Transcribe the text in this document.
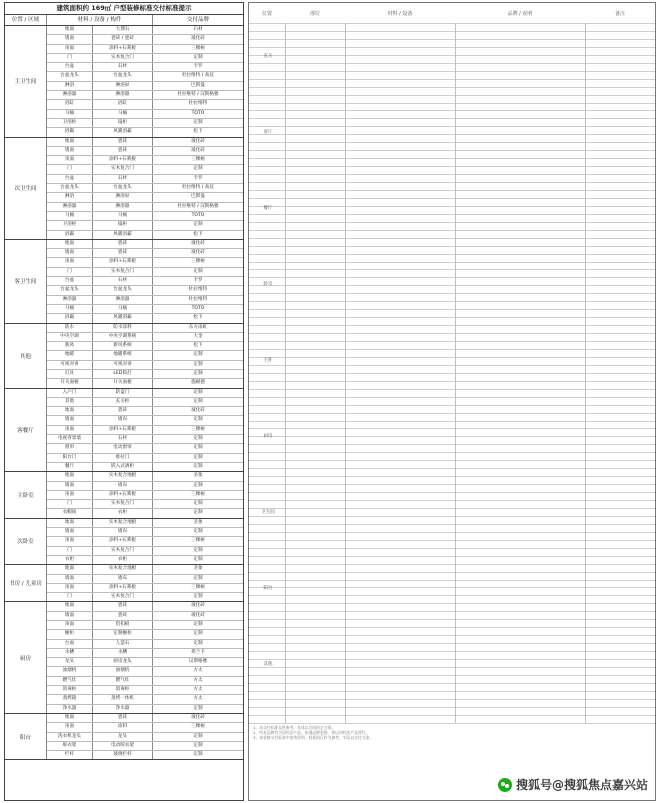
建筑面积约 169㎡ 户型装修标准交付标准提示
位置 / 区域	材料 / 设备 / 构件	交付品牌
主卫生间
地面	大理石	石材
墙面	瓷砖 / 瓷砖	玻化砖
顶面	涂料+石膏板	三棵树
门	实木复合门	定制
台盆	石材	卡罗
台盆龙头	台盆龙头	杜拉维特 / 高仪
淋浴	淋浴屏	巴斯曼
淋浴器	淋浴器	杜拉维特 / 汉斯格雅
浴缸	浴缸	杜拉维特
马桶	马桶	TOTO
卫浴柜	镜柜	定制
浴霸	风暖浴霸	松下
次卫生间
地面	瓷砖	玻化砖
墙面	瓷砖	玻化砖
顶面	涂料+石膏板	三棵树
门	实木复合门	定制
台盆	石材	卡罗
台盆龙头	台盆龙头	杜拉维特 / 高仪
淋浴	淋浴屏	巴斯曼
淋浴器	淋浴器	杜拉维特 / 汉斯格雅
马桶	马桶	TOTO
卫浴柜	镜柜	定制
浴霸	风暖浴霸	松下
客卫生间
地面	瓷砖	玻化砖
墙面	瓷砖	玻化砖
顶面	涂料+石膏板	三棵树
门	实木复合门	定制
台盆	石材	卡罗
台盆龙头	台盆龙头	杜拉维特
淋浴器	淋浴器	杜拉维特
马桶	马桶	TOTO
浴霸	风暖浴霸	松下
其他
防水	防水涂料	东方雨虹
中央空调	中央空调系统	大金
新风	新风系统	松下
地暖	地暖系统	定制
可视对讲	可视对讲	定制
灯具	LED筒灯	定制
开关面板	开关面板	施耐德
客餐厅
入户门	防盗门	定制
其他	玄关柜	定制
地面	瓷砖	玻化砖
墙面	墙布	定制
顶面	涂料+石膏板	三棵树
电视背景墙	石材	定制
窗帘	电动窗帘	定制
阳台门	推拉门	定制
餐厅	嵌入式酒柜	定制
主卧室
地面	实木复合地板	圣象
墙面	墙布	定制
顶面	涂料+石膏板	三棵树
门	实木复合门	定制
衣帽间	衣柜	定制
次卧室
地面	实木复合地板	圣象
墙面	墙布	定制
顶面	涂料+石膏板	三棵树
门	实木复合门	定制
衣柜	衣柜	定制
书房 / 儿童房
地面	实木复合地板	圣象
墙面	墙布	定制
顶面	涂料+石膏板	三棵树
门	实木复合门	定制
厨房
地面	瓷砖	玻化砖
墙面	瓷砖	玻化砖
顶面	铝扣板	定制
橱柜	定制橱柜	定制
台面	人造石	定制
水槽	水槽	弗兰卡
龙头	厨房龙头	汉斯格雅
油烟机	油烟机	方太
燃气灶	燃气灶	方太
消毒柜	消毒柜	方太
蒸烤箱	蒸烤一体机	方太
净水器	净水器	定制
阳台
地面	瓷砖	玻化砖
顶面	涂料	三棵树
洗衣机龙头	龙头	定制
晾衣架	电动晾衣架	定制
栏杆	玻璃栏杆	定制
位置	部位	材料 / 设备	品牌 / 说明	备注
玄关
客厅
餐厅
卧室
主卧
厨房
卫生间
阳台
其他

1、本交付标准仅供参考，具体以合同约定为准。

2、所有品牌均为同档次产品，如遇品牌更换，将以同档次产品替代。

3、本装修交付标准中的效果图、样板间仅作为参考，实际以交付为准。

搜狐号@搜狐焦点嘉兴站
